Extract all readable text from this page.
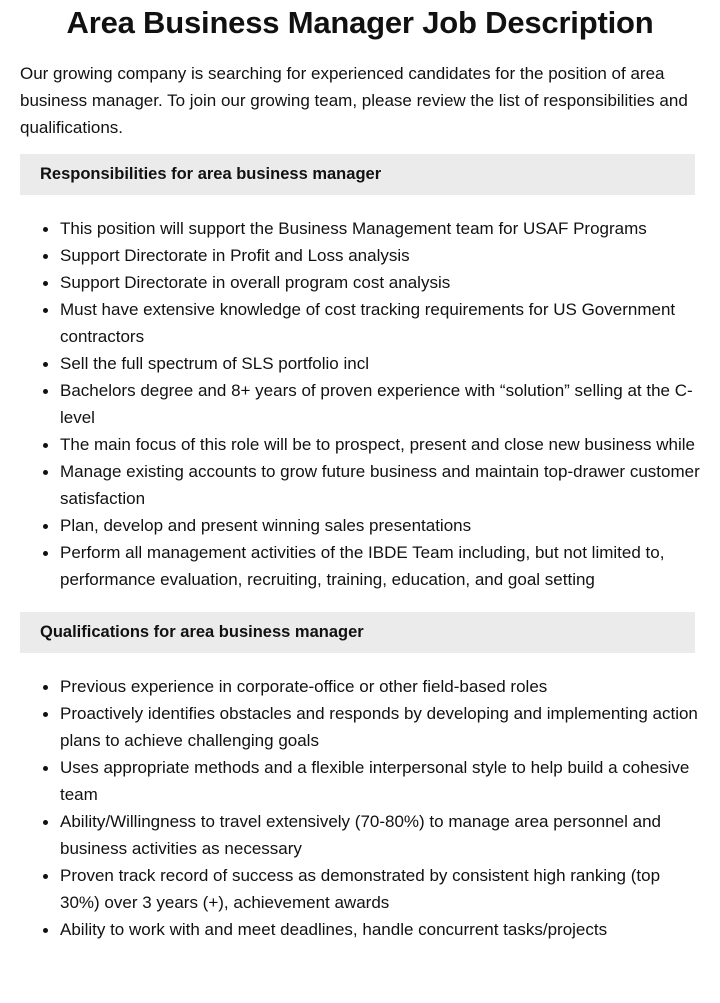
Area Business Manager Job Description

Our growing company is searching for experienced candidates for the position of area business manager. To join our growing team, please review the list of responsibilities and qualifications.

Responsibilities for area business manager
This position will support the Business Management team for USAF Programs
Support Directorate in Profit and Loss analysis
Support Directorate in overall program cost analysis
Must have extensive knowledge of cost tracking requirements for US Government contractors
Sell the full spectrum of SLS portfolio incl
Bachelors degree and 8+ years of proven experience with “solution” selling at the C-level
The main focus of this role will be to prospect, present and close new business while
Manage existing accounts to grow future business and maintain top-drawer customer satisfaction
Plan, develop and present winning sales presentations
Perform all management activities of the IBDE Team including, but not limited to, performance evaluation, recruiting, training, education, and goal setting
Qualifications for area business manager
Previous experience in corporate-office or other field-based roles
Proactively identifies obstacles and responds by developing and implementing action plans to achieve challenging goals
Uses appropriate methods and a flexible interpersonal style to help build a cohesive team
Ability/Willingness to travel extensively (70-80%) to manage area personnel and business activities as necessary
Proven track record of success as demonstrated by consistent high ranking (top 30%) over 3 years (+), achievement awards
Ability to work with and meet deadlines, handle concurrent tasks/projects
